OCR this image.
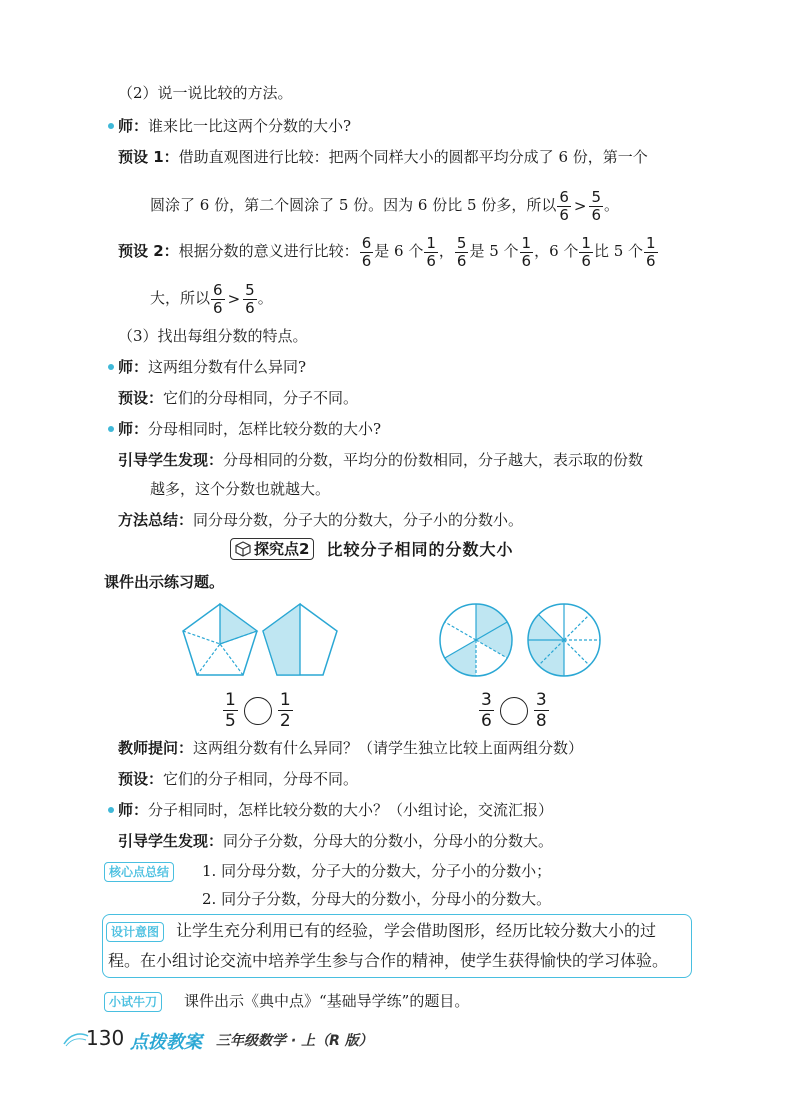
（2）说一说比较的方法。
师：谁来比一比这两个分数的大小?
预设 1：借助直观图进行比较：把两个同样大小的圆都平均分成了 6 份，第一个
圆涂了 6 份，第二个圆涂了 5 份。因为 6 份比 5 份多，所以 $\frac{6}{6} > \frac{5}{6}$ 。
预设 2：根据分数的意义进行比较： $\frac{6}{6}$ 是 6 个 $\frac{1}{6}$ ， $\frac{5}{6}$ 是 5 个 $\frac{1}{6}$ ，6 个 $\frac{1}{6}$ 比 5 个 $\frac{1}{6}$
大，所以 $\frac{6}{6} > \frac{5}{6}$ 。
（3）找出每组分数的特点。
师：这两组分数有什么异同?
预设：它们的分母相同，分子不同。
师：分母相同时，怎样比较分数的大小?
引导学生发现：分母相同的分数，平均分的份数相同，分子越大，表示取的份数
越多，这个分数也就越大。
方法总结：同分母分数，分子大的分数大，分子小的分数小。
探究点2 比较分子相同的分数大小
课件出示练习题。
$\frac{1}{5} \frac{1}{2}$	$\frac{3}{6} \frac{3}{8}$
教师提问：这两组分数有什么异同？（请学生独立比较上面两组分数）
预设：它们的分子相同，分母不同。
师：分子相同时，怎样比较分数的大小？（小组讨论，交流汇报）
引导学生发现：同分子分数，分母大的分数小，分母小的分数大。
核心点总结	1. 同分母分数，分子大的分数大，分子小的分数小；
2. 同分子分数，分母大的分数小，分母小的分数大。
设计意图	让学生充分利用已有的经验，学会借助图形，经历比较分数大小的过
程。在小组讨论交流中培养学生参与合作的精神，使学生获得愉快的学习体验。
小试牛刀	课件出示《典中点》“基础导学练”的题目。
130 点拨教案 三年级数学 · 上（R 版）
